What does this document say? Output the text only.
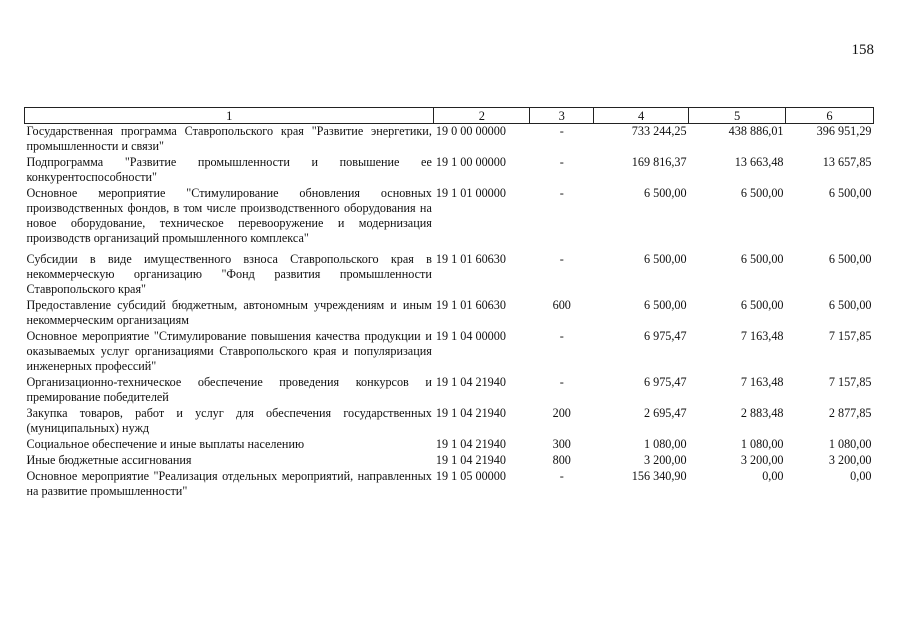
158
1	2	3	4	5	6
Государственная программа Ставропольского края "Развитие энергетики, промышленности и связи"	19 0 00 00000	-	733 244,25	438 886,01	396 951,29
Подпрограмма "Развитие промышленности и повышение ее конкурентоспособности"	19 1 00 00000	-	169 816,37	13 663,48	13 657,85
Основное мероприятие "Стимулирование обновления основных производственных фондов, в том числе производственного оборудования на новое оборудование, техническое перевооружение и модернизация производств организаций промышленного комплекса"	19 1 01 00000	-	6 500,00	6 500,00	6 500,00
Субсидии в виде имущественного взноса Ставропольского края в некоммерческую организацию "Фонд развития промышленности Ставропольского края"	19 1 01 60630	-	6 500,00	6 500,00	6 500,00
Предоставление субсидий бюджетным, автономным учреждениям и иным некоммерческим организациям	19 1 01 60630	600	6 500,00	6 500,00	6 500,00
Основное мероприятие "Стимулирование повышения качества продукции и оказываемых услуг организациями Ставропольского края и популяризация инженерных профессий"	19 1 04 00000	-	6 975,47	7 163,48	7 157,85
Организационно-техническое обеспечение проведения конкурсов и премирование победителей	19 1 04 21940	-	6 975,47	7 163,48	7 157,85
Закупка товаров, работ и услуг для обеспечения государственных (муниципальных) нужд	19 1 04 21940	200	2 695,47	2 883,48	2 877,85
Социальное обеспечение и иные выплаты населению	19 1 04 21940	300	1 080,00	1 080,00	1 080,00
Иные бюджетные ассигнования	19 1 04 21940	800	3 200,00	3 200,00	3 200,00
Основное мероприятие "Реализация отдельных мероприятий, направленных на развитие промышленности"	19 1 05 00000	-	156 340,90	0,00	0,00
